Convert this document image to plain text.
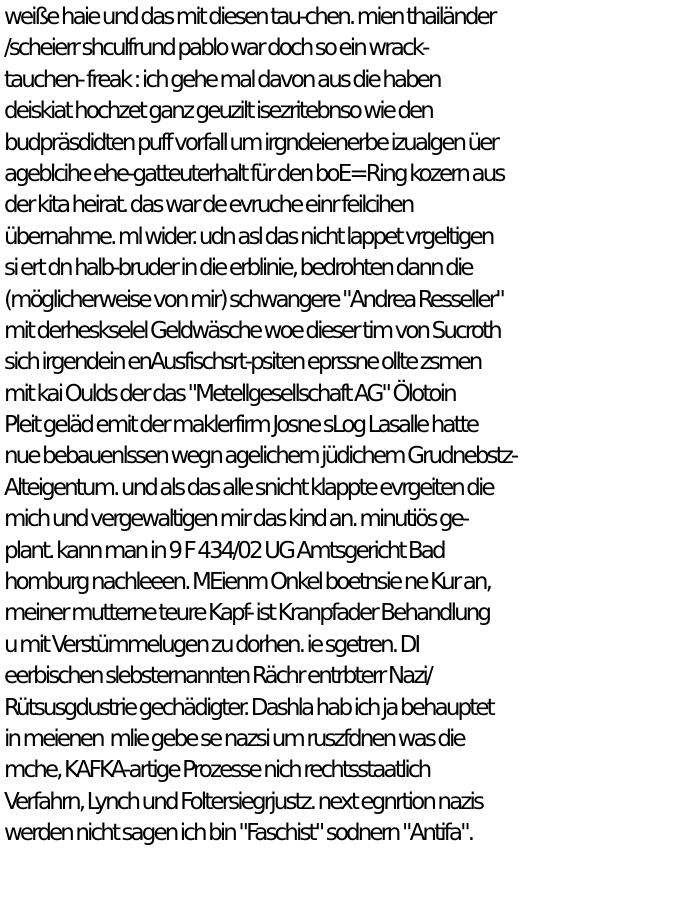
weiße haie und das mit diesen tau-chen. mien thailänder
/scheierr shculfrund pablo war doch so ein wrack-
tauchen- freak : ich gehe mal davon aus die haben
deiskiat hochzet ganz geuzilt isezritebnso wie den
budpräsdidten puff vorfall um irgndeienerbe izualgen üer
ageblcihe ehe-gatteuterhalt für den boE=Ring kozern aus
der kita heirat. das war de evruche einr feilcihen
übernahme. ml wider. udn asl das nicht lappet vrgeltigen
si ert dn halb-bruder in die erblinie, bedrohten dann die
(möglicherweise von mir) schwangere "Andrea Resseller"
mit derheskselel Geldwäsche woe dieser tim von Sucroth
sich irgendein enAusfischsrt-psiten eprssne ollte zsmen
mit kai Oulds der das "Metellgesellschaft AG" Ölotoin
Pleit geläd emit der maklerfirm Josne sLog Lasalle hatte
nue bebauenlssen wegn agelichem jüdichem Grudnebstz-
Alteigentum. und als das alle snicht klappte evrgeiten die
mich und vergewaltigen mir das kind an. minutiös ge-
plant. kann man in 9 F 434/02 UG Amtsgericht Bad
homburg nachleeen. MEienm Onkel boetnsie ne Kur an,
meiner mutterne teure Kapf- ist Kranpfader Behandlung
u mit Verstümmelugen zu dorhen. ie sgetren. DI
eerbischen slebsternannten Rächr entrbterr Nazi/
Rütsusgdustrie gechädigter. Dashla hab ich ja behauptet
in meienen  mlie gebe se nazsi um ruszfdnen was die
mche, KAFKA-artige Prozesse nich rechtsstaatlich
Verfahrn, Lynch und Foltersiegrjustz. next egnrtion nazis
werden nicht sagen ich bin "Faschist" sodnern "Antifa".
